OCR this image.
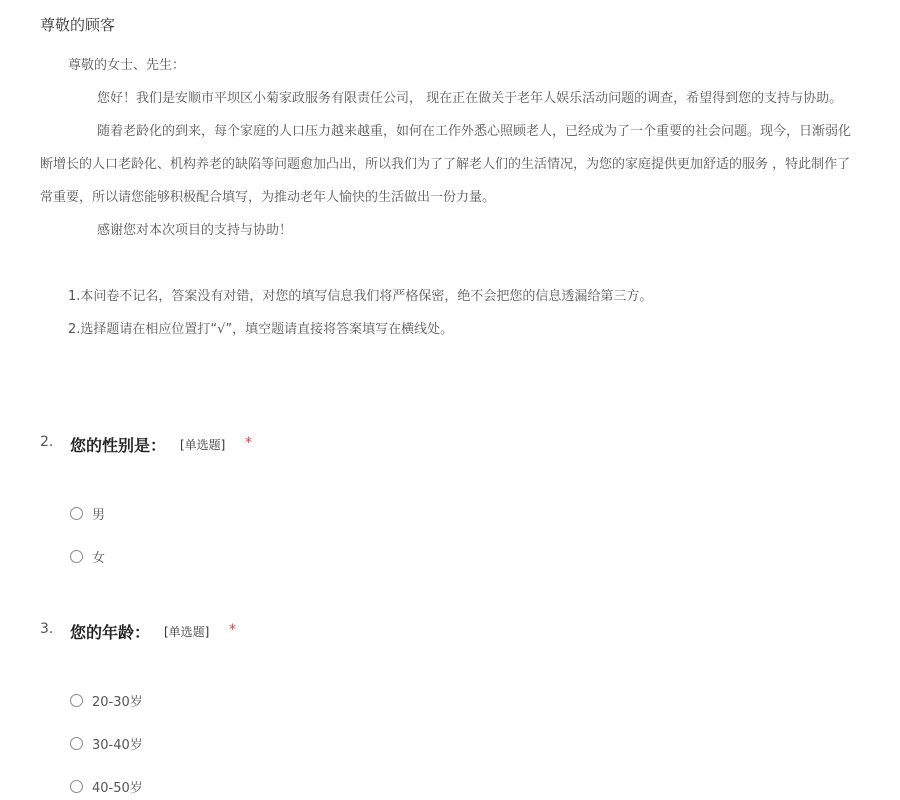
尊敬的顾客
尊敬的女士、先生：
您好！我们是安顺市平坝区小菊家政服务有限责任公司， 现在正在做关于老年人娱乐活动问题的调查，希望得到您的支持与协助。
随着老龄化的到来，每个家庭的人口压力越来越重，如何在工作外悉心照顾老人，已经成为了一个重要的社会问题。现今，日渐弱化
断增长的人口老龄化、机构养老的缺陷等问题愈加凸出，所以我们为了了解老人们的生活情况，为您的家庭提供更加舒适的服务 ，特此制作了
常重要，所以请您能够积极配合填写，为推动老年人愉快的生活做出一份力量。
感谢您对本次项目的支持与协助！
1.本问卷不记名，答案没有对错，对您的填写信息我们将严格保密，绝不会把您的信息透漏给第三方。
2.选择题请在相应位置打“√”，填空题请直接将答案填写在横线处。
2. 您的性别是： [单选题] *
男
女
3. 您的年龄： [单选题] *
20-30岁
30-40岁
40-50岁
